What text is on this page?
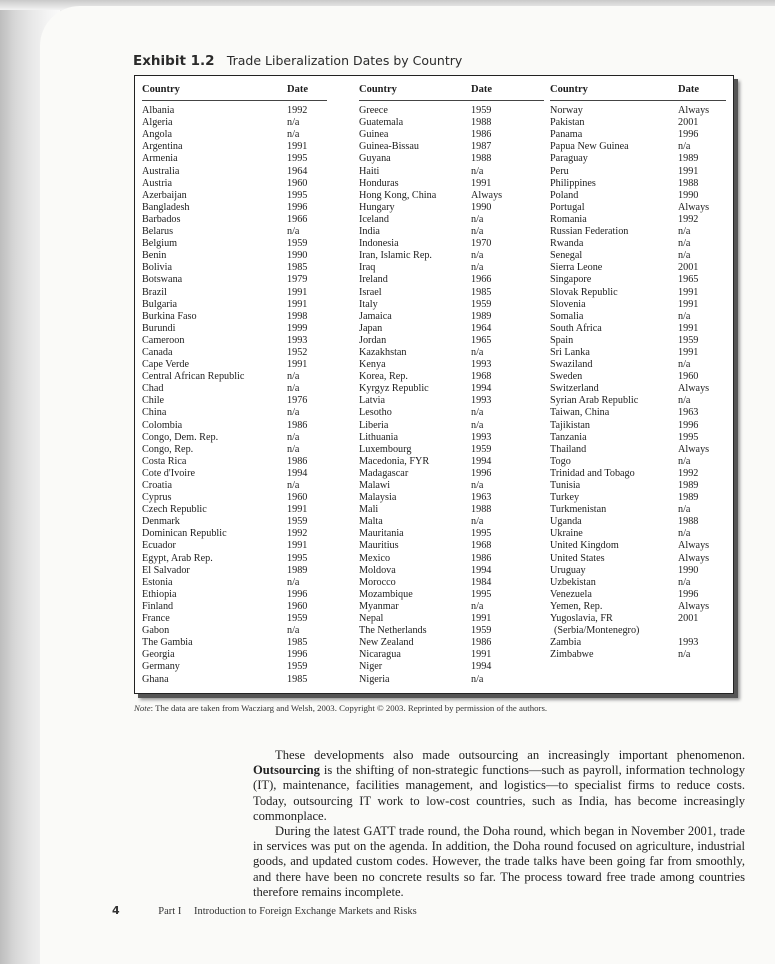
Exhibit 1.2 Trade Liberalization Dates by Country
Country	Date
Albania	1992
Algeria	n/a
Angola	n/a
Argentina	1991
Armenia	1995
Australia	1964
Austria	1960
Azerbaijan	1995
Bangladesh	1996
Barbados	1966
Belarus	n/a
Belgium	1959
Benin	1990
Bolivia	1985
Botswana	1979
Brazil	1991
Bulgaria	1991
Burkina Faso	1998
Burundi	1999
Cameroon	1993
Canada	1952
Cape Verde	1991
Central African Republic	n/a
Chad	n/a
Chile	1976
China	n/a
Colombia	1986
Congo, Dem. Rep.	n/a
Congo, Rep.	n/a
Costa Rica	1986
Cote d'Ivoire	1994
Croatia	n/a
Cyprus	1960
Czech Republic	1991
Denmark	1959
Dominican Republic	1992
Ecuador	1991
Egypt, Arab Rep.	1995
El Salvador	1989
Estonia	n/a
Ethiopia	1996
Finland	1960
France	1959
Gabon	n/a
The Gambia	1985
Georgia	1996
Germany	1959
Ghana	1985
Country	Date
Greece	1959
Guatemala	1988
Guinea	1986
Guinea-Bissau	1987
Guyana	1988
Haiti	n/a
Honduras	1991
Hong Kong, China	Always
Hungary	1990
Iceland	n/a
India	n/a
Indonesia	1970
Iran, Islamic Rep.	n/a
Iraq	n/a
Ireland	1966
Israel	1985
Italy	1959
Jamaica	1989
Japan	1964
Jordan	1965
Kazakhstan	n/a
Kenya	1993
Korea, Rep.	1968
Kyrgyz Republic	1994
Latvia	1993
Lesotho	n/a
Liberia	n/a
Lithuania	1993
Luxembourg	1959
Macedonia, FYR	1994
Madagascar	1996
Malawi	n/a
Malaysia	1963
Mali	1988
Malta	n/a
Mauritania	1995
Mauritius	1968
Mexico	1986
Moldova	1994
Morocco	1984
Mozambique	1995
Myanmar	n/a
Nepal	1991
The Netherlands	1959
New Zealand	1986
Nicaragua	1991
Niger	1994
Nigeria	n/a
Country	Date
Norway	Always
Pakistan	2001
Panama	1996
Papua New Guinea	n/a
Paraguay	1989
Peru	1991
Philippines	1988
Poland	1990
Portugal	Always
Romania	1992
Russian Federation	n/a
Rwanda	n/a
Senegal	n/a
Sierra Leone	2001
Singapore	1965
Slovak Republic	1991
Slovenia	1991
Somalia	n/a
South Africa	1991
Spain	1959
Sri Lanka	1991
Swaziland	n/a
Sweden	1960
Switzerland	Always
Syrian Arab Republic	n/a
Taiwan, China	1963
Tajikistan	1996
Tanzania	1995
Thailand	Always
Togo	n/a
Trinidad and Tobago	1992
Tunisia	1989
Turkey	1989
Turkmenistan	n/a
Uganda	1988
Ukraine	n/a
United Kingdom	Always
United States	Always
Uruguay	1990
Uzbekistan	n/a
Venezuela	1996
Yemen, Rep.	Always
Yugoslavia, FR	2001
(Serbia/Montenegro)
Zambia	1993
Zimbabwe	n/a
Note: The data are taken from Wacziarg and Welsh, 2003. Copyright © 2003. Reprinted by permission of the authors.

These developments also made outsourcing an increasingly important phenomenon. Outsourcing is the shifting of non-strategic functions—such as payroll, information technology (IT), maintenance, facilities management, and logistics—to specialist firms to reduce costs. Today, outsourcing IT work to low-cost countries, such as India, has become increasingly commonplace.

During the latest GATT trade round, the Doha round, which began in November 2001, trade in services was put on the agenda. In addition, the Doha round focused on agriculture, industrial goods, and updated custom codes. However, the trade talks have been going far from smoothly, and there have been no concrete results so far. The process toward free trade among countries therefore remains incomplete.

4	Part I Introduction to Foreign Exchange Markets and Risks
